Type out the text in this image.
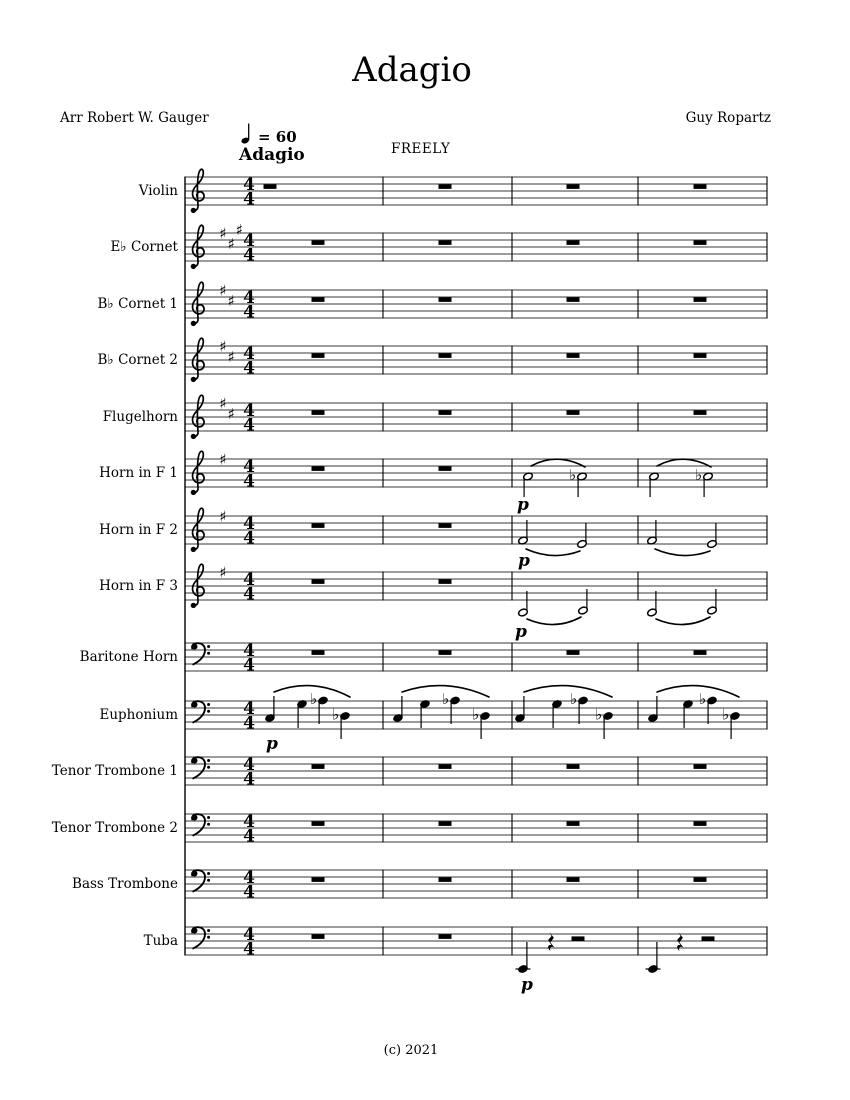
Adagio
Arr Robert W. Gauger	Guy Ropartz
= 60
Adagio	FREELY
4
4
♯
♯
♯
4
4
♯
♯ 4
4
♯
♯ 4
4
♯
♯ 4
4
♯ 4
4	♭	♭
p
♯ 4
4
p
♯ 4
4
p
4
4
4
4
♭
♭
♭
♭
♭
♭
♭
♭
p
4
4
4
4
4
4
4
4
p
Violin
E♭ Cornet
B♭ Cornet 1
B♭ Cornet 2
Flugelhorn
Horn in F 1
Horn in F 2
Horn in F 3
Baritone Horn
Euphonium
Tenor Trombone 1
Tenor Trombone 2
Bass Trombone
Tuba
(c) 2021
